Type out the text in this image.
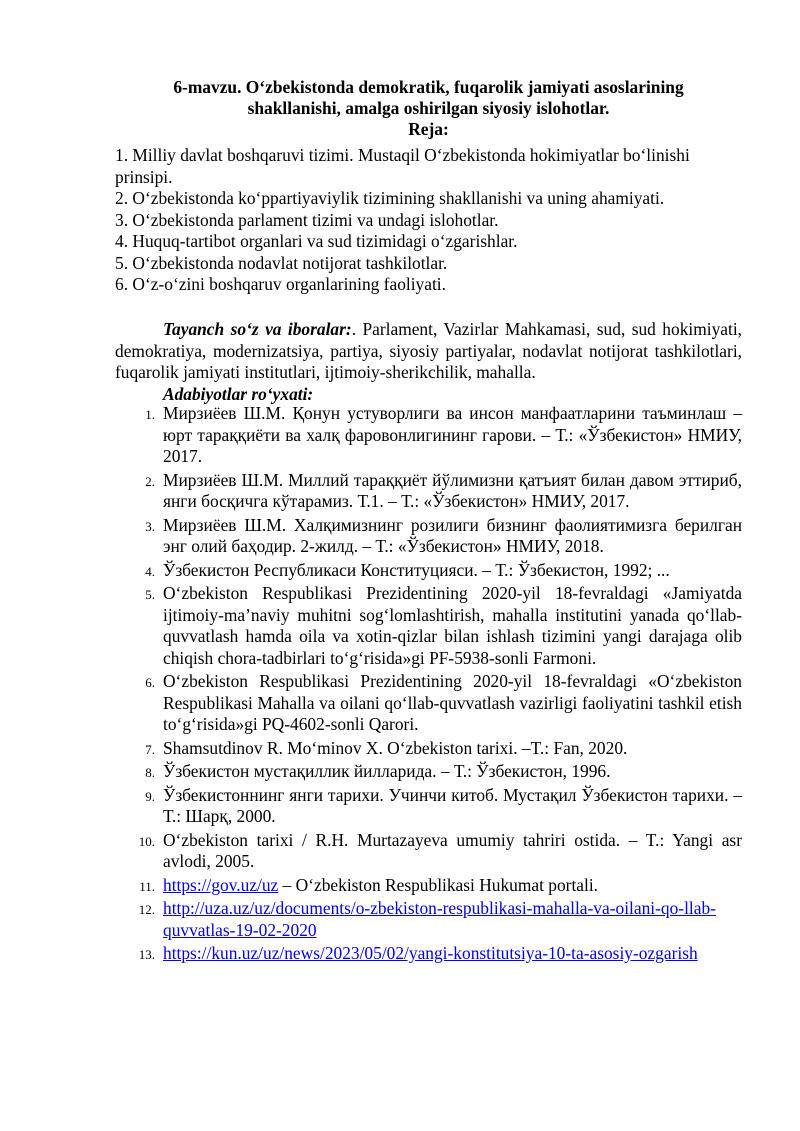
6-mavzu. O‘zbekistonda demokratik, fuqarolik jamiyati asoslarining
shakllanishi, amalga oshirilgan siyosiy islohotlar.
Reja:
1. Milliy davlat boshqaruvi tizimi. Mustaqil O‘zbekistonda hokimiyatlar bo‘linishi prinsipi.
2. O‘zbekistonda ko‘ppartiyaviylik tizimining shakllanishi va uning ahamiyati.
3. O‘zbekistonda parlament tizimi va undagi islohotlar.
4. Huquq-tartibot organlari va sud tizimidagi o‘zgarishlar.
5. O‘zbekistonda nodavlat notijorat tashkilotlar.
6. O‘z-o‘zini boshqaruv organlarining faoliyati.
Tayanch so‘z va iboralar:. Parlament, Vazirlar Mahkamasi, sud, sud hokimiyati, demokratiya, modernizatsiya, partiya, siyosiy partiyalar, nodavlat notijorat tashkilotlari, fuqarolik jamiyati institutlari, ijtimoiy-sherikchilik, mahalla.
Adabiyotlar ro‘yxati:
1. Мирзиёев Ш.М. Қонун устуворлиги ва инсон манфаатларини таъминлаш – юрт тараққиёти ва халқ фаровонлигининг гарови. – Т.: «Ўзбекистон» НМИУ, 2017.
2. Мирзиёев Ш.М. Миллий тараққиёт йўлимизни қатъият билан давом эттириб, янги босқичга кўтарамиз. Т.1. – Т.: «Ўзбекистон» НМИУ, 2017.
3. Мирзиёев Ш.М. Халқимизнинг розилиги бизнинг фаолиятимизга берилган энг олий баҳодир. 2-жилд. – Т.: «Ўзбекистон» НМИУ, 2018.
4. Ўзбекистон Республикаси Конституцияси. – Т.: Ўзбекистон, 1992; ...
5. O‘zbekiston Respublikasi Prezidentining 2020-yil 18-fevraldagi «Jamiyatda ijtimoiy-ma’naviy muhitni sog‘lomlashtirish, mahalla institutini yanada qo‘llab-quvvatlash hamda oila va xotin-qizlar bilan ishlash tizimini yangi darajaga olib chiqish chora-tadbirlari to‘g‘risida»gi PF-5938-sonli Farmoni.
6. O‘zbekiston Respublikasi Prezidentining 2020-yil 18-fevraldagi «O‘zbekiston Respublikasi Mahalla va oilani qo‘llab-quvvatlash vazirligi faoliyatini tashkil etish to‘g‘risida»gi PQ-4602-sonli Qarori.
7. Shamsutdinov R. Mo‘minov X. O‘zbekiston tarixi. –T.: Fan, 2020.
8. Ўзбекистон мустақиллик йилларида. – Т.: Ўзбекистон, 1996.
9. Ўзбекистоннинг янги тарихи. Учинчи китоб. Мустақил Ўзбекистон тарихи. – Т.: Шарқ, 2000.
10. O‘zbekiston tarixi / R.H. Murtazayeva umumiy tahriri ostida. – T.: Yangi asr avlodi, 2005.
11. https://gov.uz/uz – O‘zbekiston Respublikasi Hukumat portali.
12. http://uza.uz/uz/documents/o-zbekiston-respublikasi-mahalla-va-oilani-qo-llab-quvvatlas-19-02-2020
13. https://kun.uz/uz/news/2023/05/02/yangi-konstitutsiya-10-ta-asosiy-ozgarish
